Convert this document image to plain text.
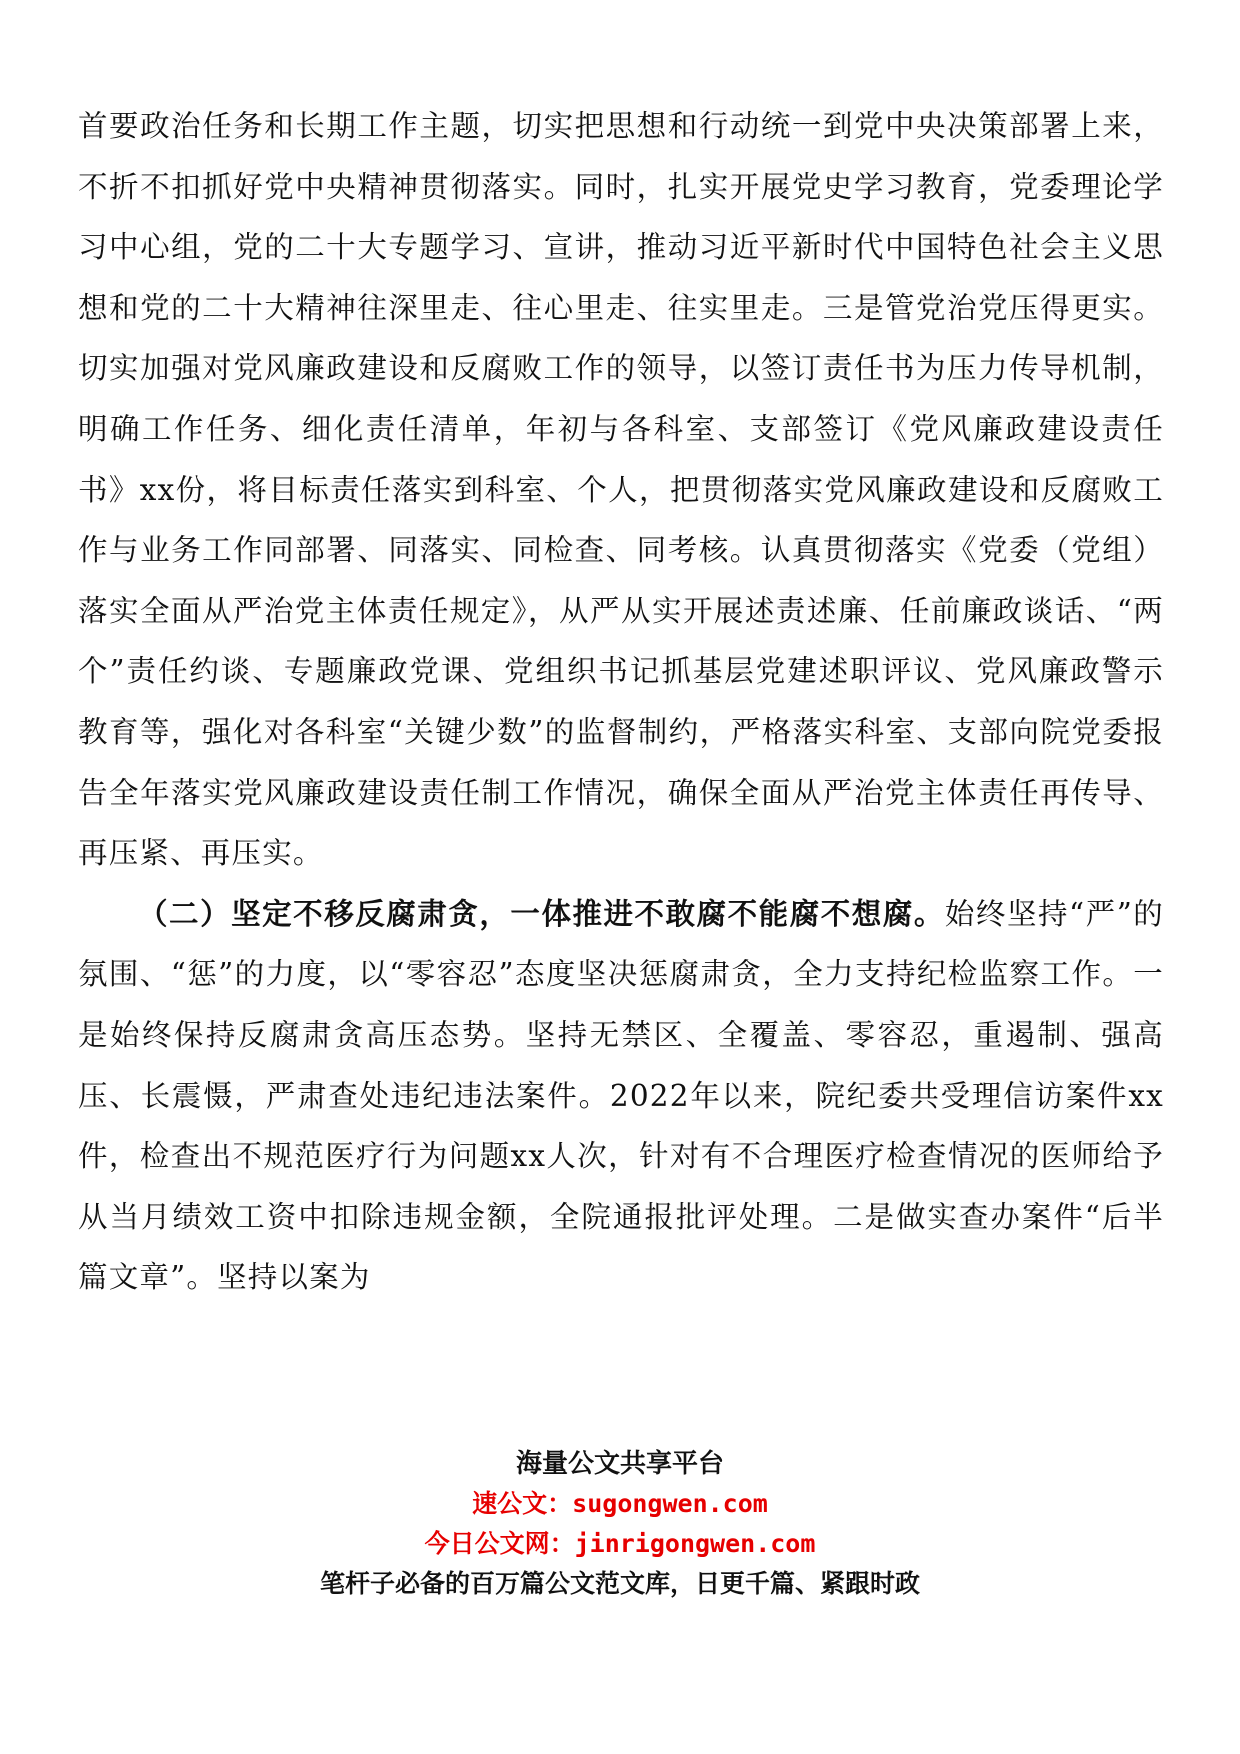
首要政治任务和长期工作主题，切实把思想和行动统一到党中央决策部署上来，不折不扣抓好党中央精神贯彻落实。同时，扎实开展党史学习教育，党委理论学习中心组，党的二十大专题学习、宣讲，推动习近平新时代中国特色社会主义思想和党的二十大精神往深里走、往心里走、往实里走。三是管党治党压得更实。切实加强对党风廉政建设和反腐败工作的领导，以签订责任书为压力传导机制，明确工作任务、细化责任清单，年初与各科室、支部签订《党风廉政建设责任书》xx份，将目标责任落实到科室、个人，把贯彻落实党风廉政建设和反腐败工作与业务工作同部署、同落实、同检查、同考核。认真贯彻落实《党委（党组）落实全面从严治党主体责任规定》，从严从实开展述责述廉、任前廉政谈话、“两个”责任约谈、专题廉政党课、党组织书记抓基层党建述职评议、党风廉政警示教育等，强化对各科室“关键少数”的监督制约，严格落实科室、支部向院党委报告全年落实党风廉政建设责任制工作情况，确保全面从严治党主体责任再传导、再压紧、再压实。

（二）坚定不移反腐肃贪，一体推进不敢腐不能腐不想腐。始终坚持“严”的氛围、“惩”的力度，以“零容忍”态度坚决惩腐肃贪，全力支持纪检监察工作。一是始终保持反腐肃贪高压态势。坚持无禁区、全覆盖、零容忍，重遏制、强高压、长震慑，严肃查处违纪违法案件。2022年以来，院纪委共受理信访案件xx件，检查出不规范医疗行为问题xx人次，针对有不合理医疗检查情况的医师给予从当月绩效工资中扣除违规金额，全院通报批评处理。二是做实查办案件“后半篇文章”。坚持以案为

海量公文共享平台
速公文：sugongwen.com
今日公文网：jinrigongwen.com
笔杆子必备的百万篇公文范文库，日更千篇、紧跟时政
